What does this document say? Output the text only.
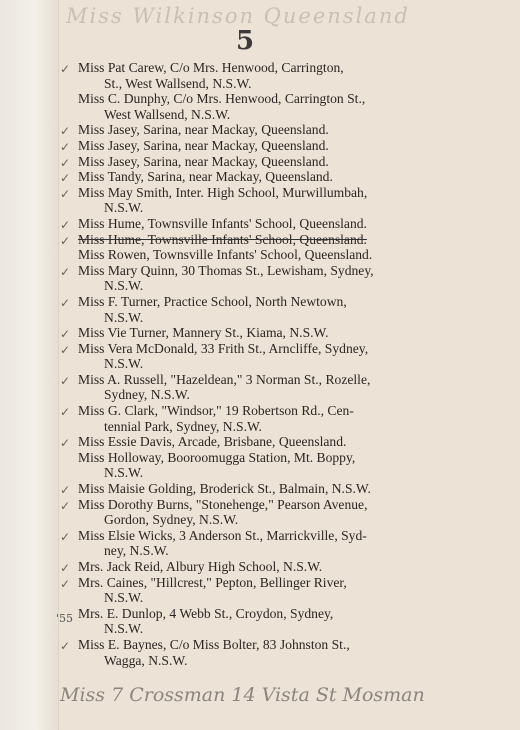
Miss Wilkinson Queensland
5
✓ Miss Pat Carew, C/o Mrs. Henwood, Carrington,
St., West Wallsend, N.S.W.
Miss C. Dunphy, C/o Mrs. Henwood, Carrington St.,
West Wallsend, N.S.W.
✓ Miss Jasey, Sarina, near Mackay, Queensland.
✓ Miss Jasey, Sarina, near Mackay, Queensland.
✓ Miss Jasey, Sarina, near Mackay, Queensland.
✓ Miss Tandy, Sarina, near Mackay, Queensland.
✓ Miss May Smith, Inter. High School, Murwillumbah,
N.S.W.
✓ Miss Hume, Townsville Infants' School, Queensland.
✓ Miss Hume, Townsville Infants' School, Queensland.
Miss Rowen, Townsville Infants' School, Queensland.
✓ Miss Mary Quinn, 30 Thomas St., Lewisham, Sydney,
N.S.W.
✓ Miss F. Turner, Practice School, North Newtown,
N.S.W.
✓ Miss Vie Turner, Mannery St., Kiama, N.S.W.
✓ Miss Vera McDonald, 33 Frith St., Arncliffe, Sydney,
N.S.W.
✓ Miss A. Russell, "Hazeldean," 3 Norman St., Rozelle,
Sydney, N.S.W.
✓ Miss G. Clark, "Windsor," 19 Robertson Rd., Cen-
tennial Park, Sydney, N.S.W.
✓ Miss Essie Davis, Arcade, Brisbane, Queensland.
Miss Holloway, Booroomugga Station, Mt. Boppy,
N.S.W.
✓ Miss Maisie Golding, Broderick St., Balmain, N.S.W.
✓ Miss Dorothy Burns, "Stonehenge," Pearson Avenue,
Gordon, Sydney, N.S.W.
✓ Miss Elsie Wicks, 3 Anderson St., Marrickville, Syd-
ney, N.S.W.
✓ Mrs. Jack Reid, Albury High School, N.S.W.
✓ Mrs. Caines, "Hillcrest," Pepton, Bellinger River,
N.S.W.
Mrs. E. Dunlop, 4 Webb St., Croydon, Sydney,
N.S.W.
✓ Miss E. Baynes, C/o Miss Bolter, 83 Johnston St.,
Wagga, N.S.W.
'55
Miss 7 Crossman 14 Vista St Mosman
